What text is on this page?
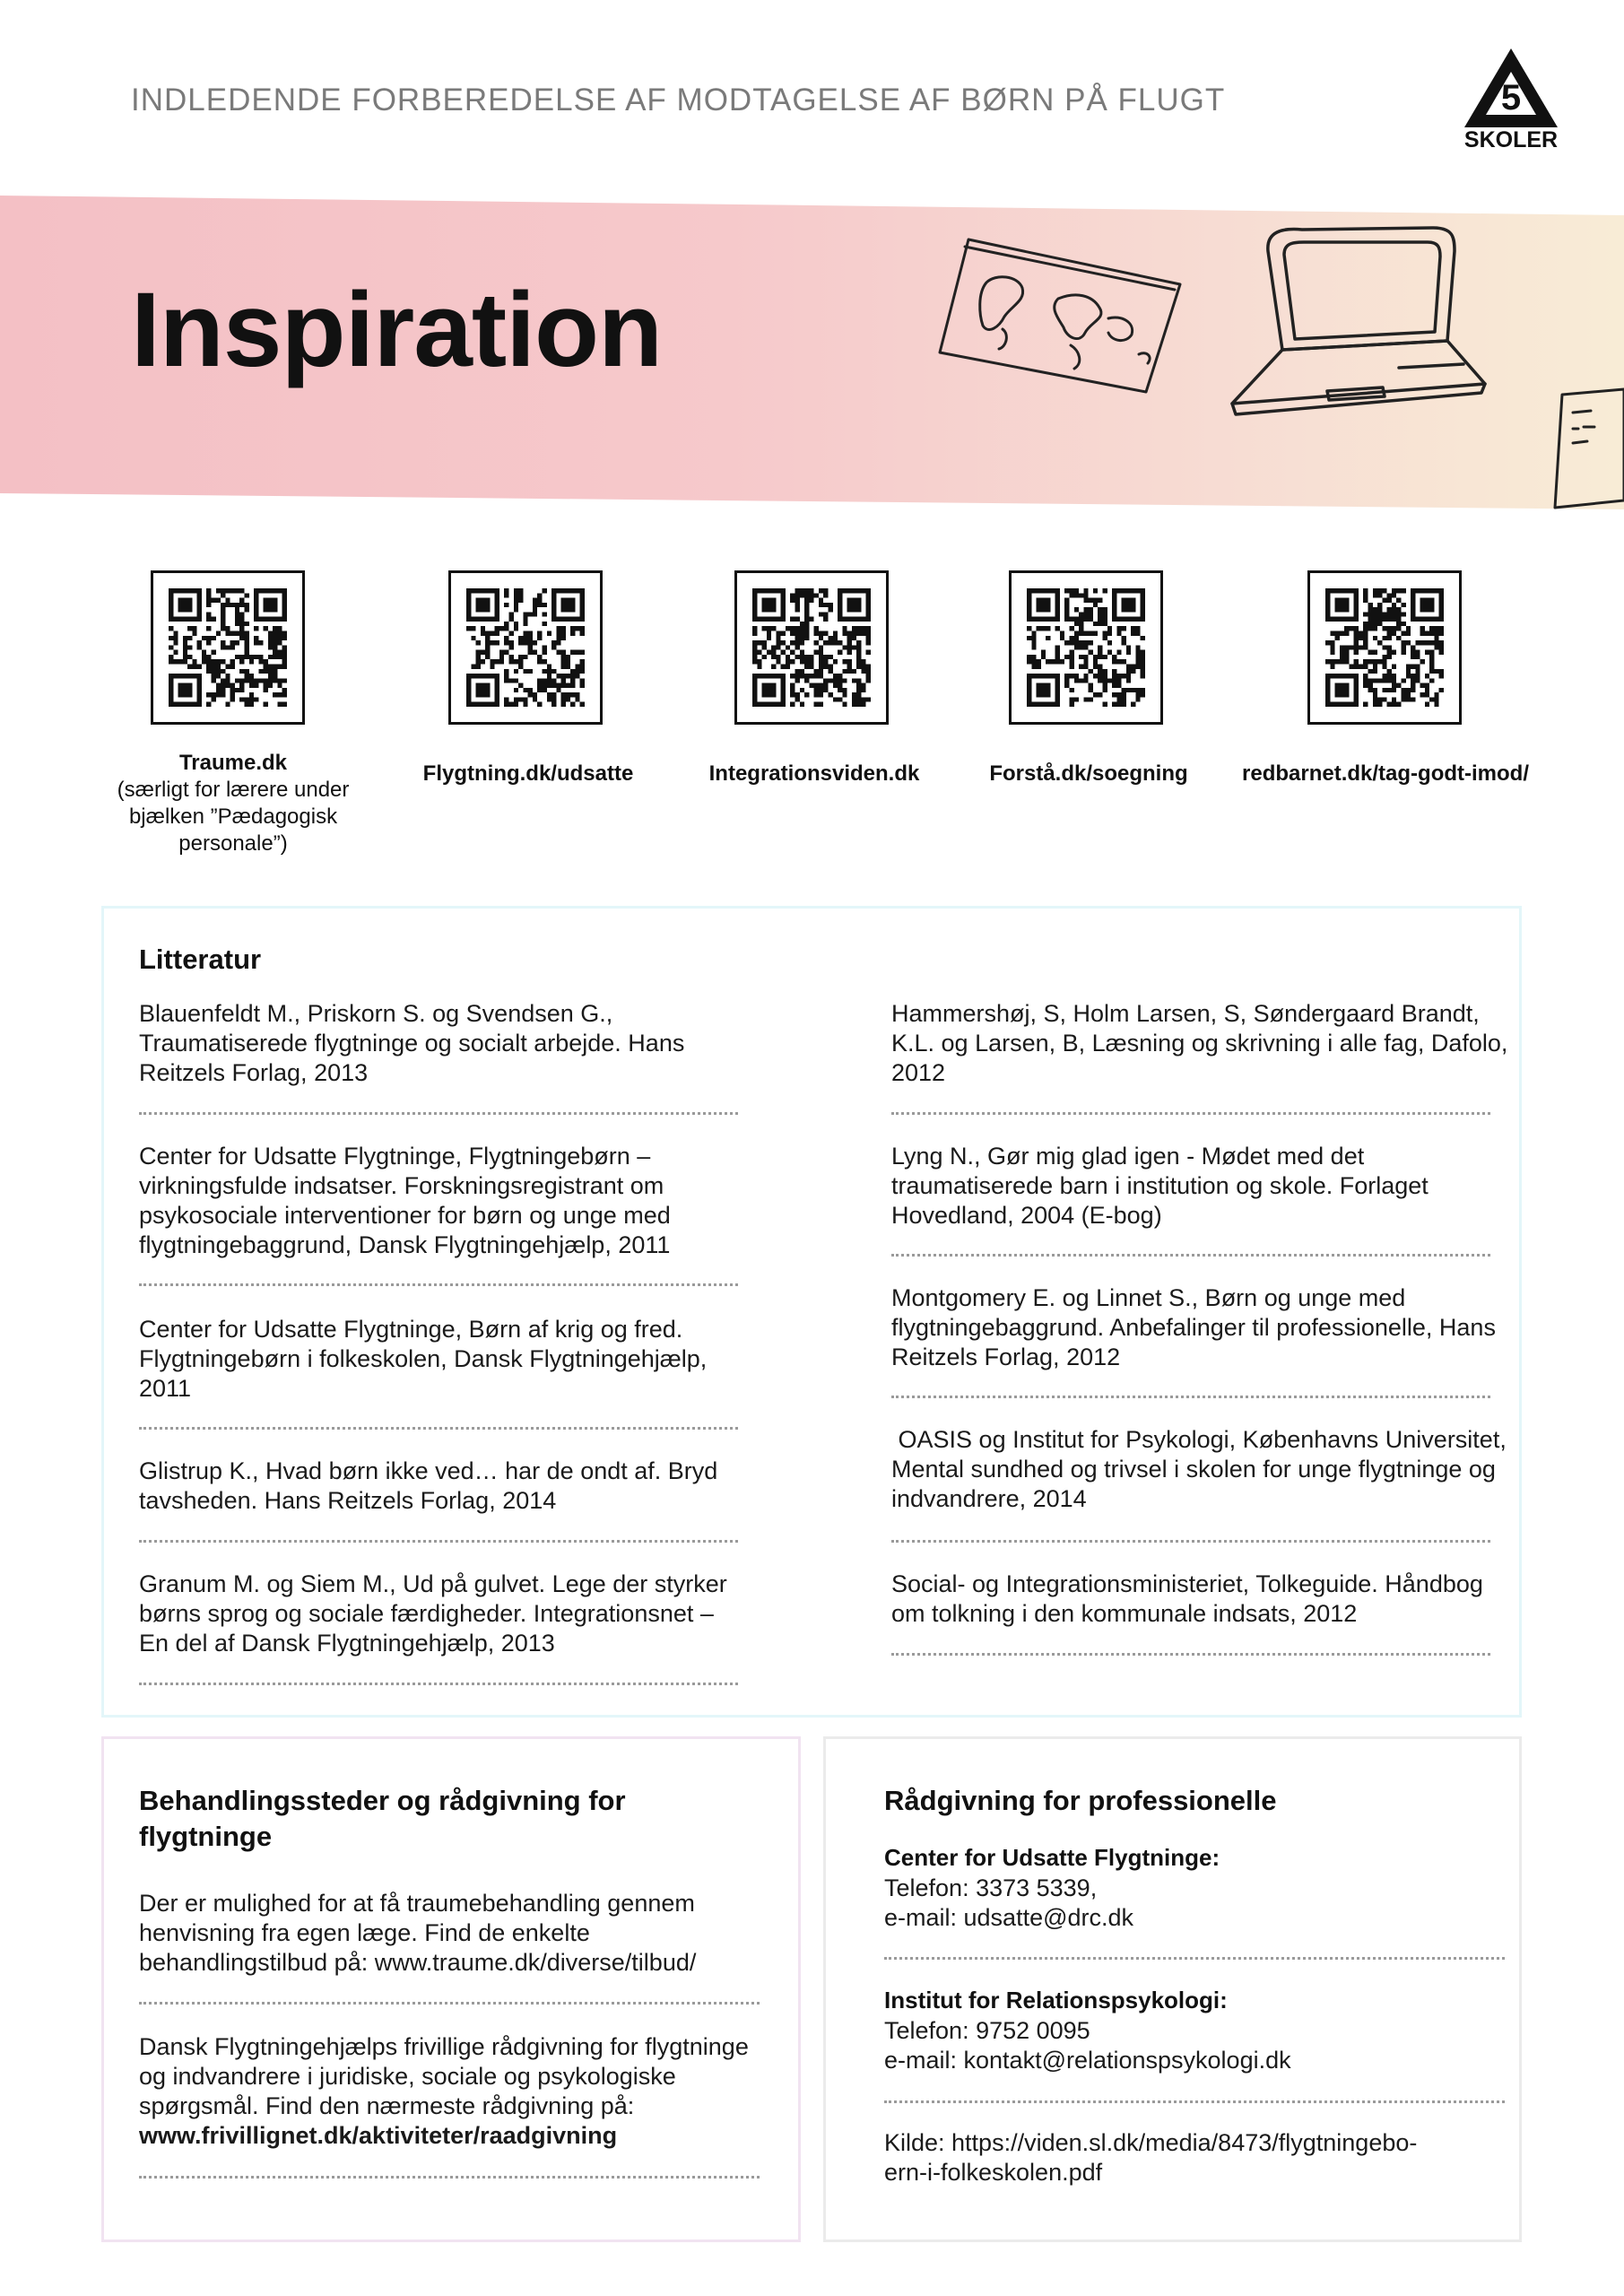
INDLEDENDE FORBEREDELSE AF MODTAGELSE AF BØRN PÅ FLUGT	5
SKOLER
Inspiration
Traume.dk
(særligt for lærere under bjælken ”Pædagogisk personale”)
Flygtning.dk/udsatte	Integrationsviden.dk	Forstå.dk/soegning	redbarnet.dk/tag-godt-imod/
Litteratur
Blauenfeldt M., Priskorn S. og Svendsen G., Traumatiserede flygtninge og socialt arbejde. Hans Reitzels Forlag, 2013
Center for Udsatte Flygtninge, Flygtningebørn – virkningsfulde indsatser. Forskningsregistrant om psykosociale interventioner for børn og unge med flygtningebaggrund, Dansk Flygtningehjælp, 2011
Center for Udsatte Flygtninge, Børn af krig og fred. Flygtningebørn i folkeskolen, Dansk Flygtningehjælp, 2011
Glistrup K., Hvad børn ikke ved… har de ondt af. Bryd tavsheden. Hans Reitzels Forlag, 2014
Granum M. og Siem M., Ud på gulvet. Lege der styrker børns sprog og sociale færdigheder. Integrationsnet – En del af Dansk Flygtningehjælp, 2013
Hammershøj, S, Holm Larsen, S, Søndergaard Brandt, K.L. og Larsen, B, Læsning og skrivning i alle fag, Dafolo, 2012
Lyng N., Gør mig glad igen - Mødet med det traumatiserede barn i institution og skole. Forlaget Hovedland, 2004 (E-bog)
Montgomery E. og Linnet S., Børn og unge med flygtningebaggrund. Anbefalinger til professionelle, Hans Reitzels Forlag, 2012
OASIS og Institut for Psykologi, Københavns Universitet, Mental sundhed og trivsel i skolen for unge flygtninge og indvandrere, 2014
Social- og Integrationsministeriet, Tolkeguide. Håndbog om tolkning i den kommunale indsats, 2012
Behandlingssteder og rådgivning for flygtninge
Der er mulighed for at få traumebehandling gennem henvisning fra egen læge. Find de enkelte behandlingstilbud på: www.traume.dk/diverse/tilbud/
Dansk Flygtningehjælps frivillige rådgivning for flygtninge og indvandrere i juridiske, sociale og psykologiske spørgsmål. Find den nærmeste rådgivning på: www.frivillignet.dk/aktiviteter/raadgivning
Rådgivning for professionelle
Center for Udsatte Flygtninge:
Telefon: 3373 5339,
e-mail: udsatte@drc.dk
Institut for Relationspsykologi:
Telefon: 9752 0095
e-mail: kontakt@relationspsykologi.dk
Kilde: https://viden.sl.dk/media/8473/flygtningebo-
ern-i-folkeskolen.pdf
